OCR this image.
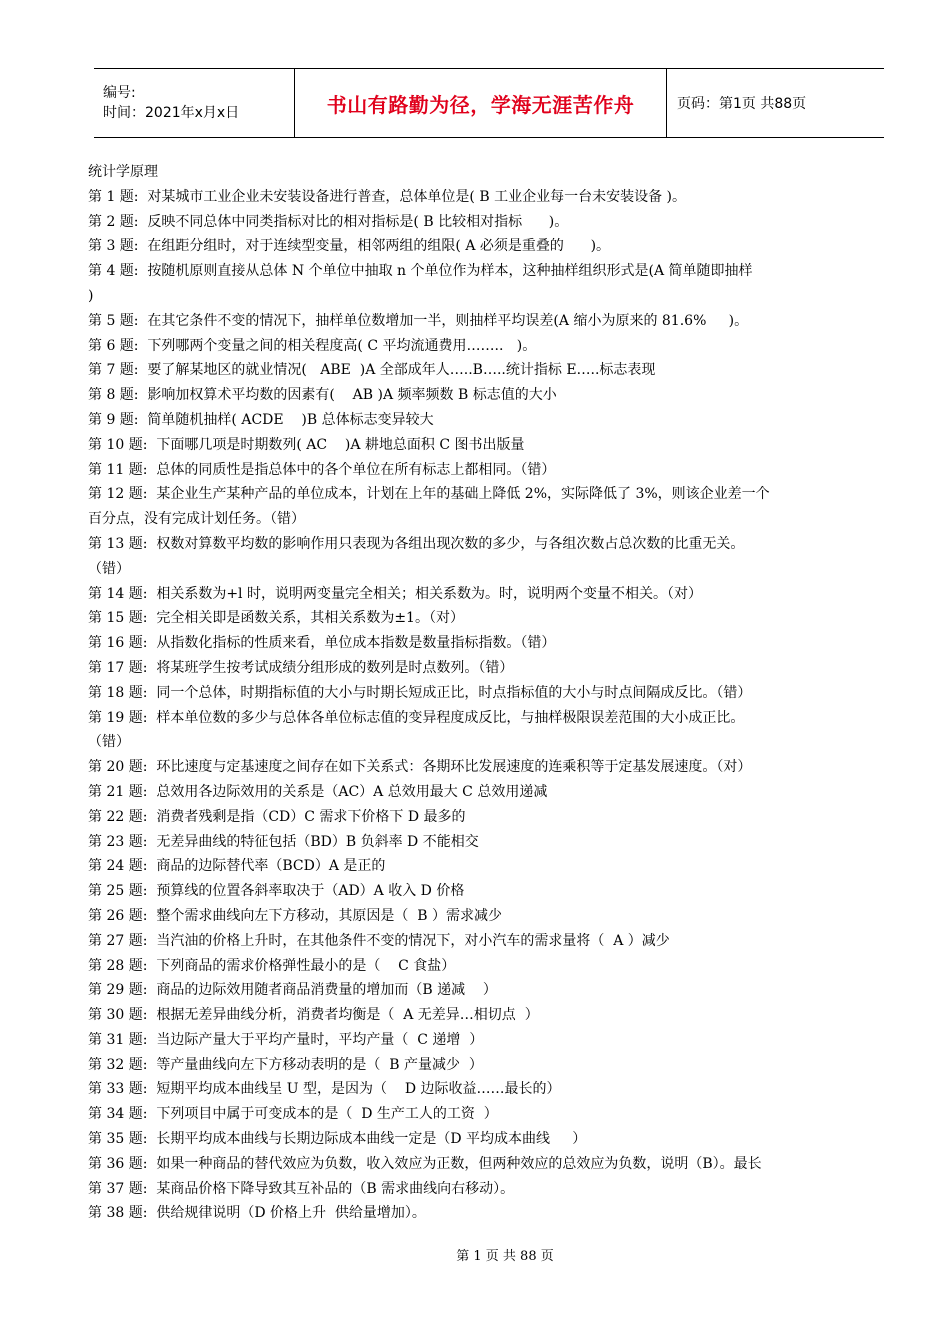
编号:
时间：2021年x月x日	书山有路勤为径，学海无涯苦作舟	页码：第1页 共88页
统计学原理
第 1 题:  对某城市工业企业未安装设备进行普查，总体单位是( B 工业企业每一台未安装设备 )。
第 2 题:  反映不同总体中同类指标对比的相对指标是( B 比较相对指标      )。
第 3 题:  在组距分组时，对于连续型变量，相邻两组的组限( A 必须是重叠的      )。
第 4 题:  按随机原则直接从总体 N 个单位中抽取 n 个单位作为样本，这种抽样组织形式是(A 简单随即抽样
)
第 5 题:  在其它条件不变的情况下，抽样单位数增加一半，则抽样平均误差(A 缩小为原来的 81.6%     )。
第 6 题:  下列哪两个变量之间的相关程度高( C 平均流通费用……..   )。
第 7 题:  要了解某地区的就业情况(   ABE  )A 全部成年人…..B…..统计指标 E…..标志表现
第 8 题:  影响加权算术平均数的因素有(    AB )A 频率频数 B 标志值的大小
第 9 题:  简单随机抽样( ACDE    )B 总体标志变异较大
第 10 题:  下面哪几项是时期数列( AC    )A 耕地总面积 C 图书出版量
第 11 题:  总体的同质性是指总体中的各个单位在所有标志上都相同。（错）
第 12 题:  某企业生产某种产品的单位成本，计划在上年的基础上降低 2%，实际降低了 3%，则该企业差一个
百分点，没有完成计划任务。（错）
第 13 题:  权数对算数平均数的影响作用只表现为各组出现次数的多少，与各组次数占总次数的比重无关。
（错）
第 14 题:  相关系数为+l 时，说明两变量完全相关；相关系数为。时，说明两个变量不相关。（对）
第 15 题:  完全相关即是函数关系，其相关系数为±1。（对）
第 16 题:  从指数化指标的性质来看，单位成本指数是数量指标指数。（错）
第 17 题:  将某班学生按考试成绩分组形成的数列是时点数列。（错）
第 18 题:  同一个总体，时期指标值的大小与时期长短成正比，时点指标值的大小与时点间隔成反比。（错）
第 19 题:  样本单位数的多少与总体各单位标志值的变异程度成反比，与抽样极限误差范围的大小成正比。
（错）
第 20 题:  环比速度与定基速度之间存在如下关系式：各期环比发展速度的连乘积等于定基发展速度。（对）
第 21 题:  总效用各边际效用的关系是（AC）A 总效用最大 C 总效用递减
第 22 题:  消费者残剩是指（CD）C 需求下价格下 D 最多的
第 23 题:  无差异曲线的特征包括（BD）B 负斜率 D 不能相交
第 24 题:  商品的边际替代率（BCD）A 是正的
第 25 题:  预算线的位置各斜率取决于（AD）A 收入 D 价格
第 26 题:  整个需求曲线向左下方移动，其原因是（  B ）需求减少
第 27 题:  当汽油的价格上升时，在其他条件不变的情况下，对小汽车的需求量将（  A ）减少
第 28 题:  下列商品的需求价格弹性最小的是（    C 食盐）
第 29 题:  商品的边际效用随者商品消费量的增加而（B 递减    ）
第 30 题:  根据无差异曲线分析，消费者均衡是（  A 无差异…相切点  ）
第 31 题:  当边际产量大于平均产量时，平均产量（  C 递增  ）
第 32 题:  等产量曲线向左下方移动表明的是（  B 产量减少  ）
第 33 题:  短期平均成本曲线呈 U 型，是因为（    D 边际收益……最长的）
第 34 题:  下列项目中属于可变成本的是（  D 生产工人的工资  ）
第 35 题:  长期平均成本曲线与长期边际成本曲线一定是（D 平均成本曲线     ）
第 36 题:  如果一种商品的替代效应为负数，收入效应为正数，但两种效应的总效应为负数，说明（B）。最长
第 37 题:  某商品价格下降导致其互补品的（B 需求曲线向右移动）。
第 38 题:  供给规律说明（D 价格上升  供给量增加）。
第 1 页 共 88 页
